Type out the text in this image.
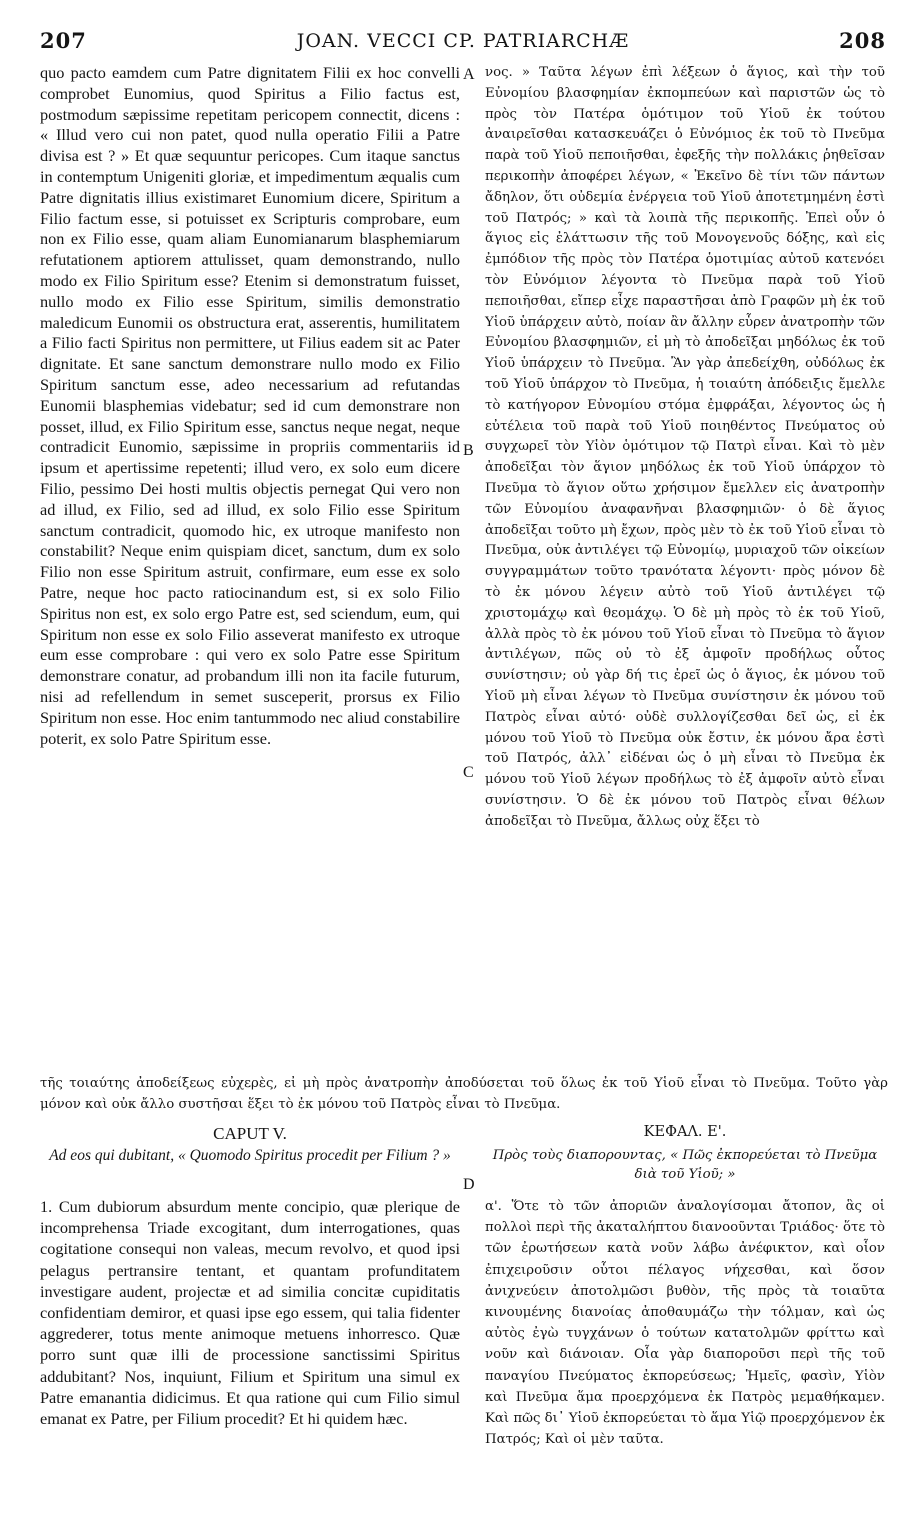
207	JOAN. VECCI CP. PATRIARCHÆ	208

quo pacto eamdem cum Patre dignitatem Filii ex hoc convelli comprobet Eunomius, quod Spiritus a Filio factus est, postmodum sæpissime repetitam pericopem connectit, dicens : « Illud vero cui non patet, quod nulla operatio Filii a Patre divisa est ? » Et quæ sequuntur pericopes. Cum itaque sanctus in contemptum Unigeniti gloriæ, et impedimentum æqualis cum Patre dignitatis illius existimaret Eunomium dicere, Spiritum a Filio factum esse, si potuisset ex Scripturis comprobare, eum non ex Filio esse, quam aliam Eunomianarum blasphemiarum refutationem aptiorem attulisset, quam demonstrando, nullo modo ex Filio Spiritum esse? Etenim si demonstratum fuisset, nullo modo ex Filio esse Spiritum, similis demonstratio maledicum Eunomii os obstructura erat, asserentis, humilitatem a Filio facti Spiritus non permittere, ut Filius eadem sit ac Pater dignitate. Et sane sanctum demonstrare nullo modo ex Filio Spiritum sanctum esse, adeo necessarium ad refutandas Eunomii blasphemias videbatur; sed id cum demonstrare non posset, illud, ex Filio Spiritum esse, sanctus neque negat, neque contradicit Eunomio, sæpissime in propriis commentariis id ipsum et apertissime repetenti; illud vero, ex solo eum dicere Filio, pessimo Dei hosti multis objectis pernegat Qui vero non ad illud, ex Filio, sed ad illud, ex solo Filio esse Spiritum sanctum contradicit, quomodo hic, ex utroque manifesto non constabilit? Neque enim quispiam dicet, sanctum, dum ex solo Filio non esse Spiritum astruit, confirmare, eum esse ex solo Patre, neque hoc pacto ratiocinandum est, si ex solo Filio Spiritus non est, ex solo ergo Patre est, sed sciendum, eum, qui Spiritum non esse ex solo Filio asseverat manifesto ex utroque eum esse comprobare : qui vero ex solo Patre esse Spiritum demonstrare conatur, ad probandum illi non ita facile futurum, nisi ad refellendum in semet susceperit, prorsus ex Filio Spiritum non esse. Hoc enim tantummodo nec aliud constabilire poterit, ex solo Patre Spiritum esse.

A
B
C
D

νος. » Ταῦτα λέγων ἐπὶ λέξεων ὁ ἅγιος, καὶ τὴν τοῦ Εὐνομίου βλασφημίαν ἐκπομπεύων καὶ παριστῶν ὡς τὸ πρὸς τὸν Πατέρα ὁμότιμον τοῦ Υἱοῦ ἐκ τούτου ἀναιρεῖσθαι κατασκευάζει ὁ Εὐνόμιος ἐκ τοῦ τὸ Πνεῦμα παρὰ τοῦ Υἱοῦ πεποιῆσθαι, ἐφεξῆς τὴν πολλάκις ῥηθεῖσαν περικοπὴν ἀποφέρει λέγων, « Ἐκεῖνο δὲ τίνι τῶν πάντων ἄδηλον, ὅτι οὐδεμία ἐνέργεια τοῦ Υἱοῦ ἀποτετμημένη ἐστὶ τοῦ Πατρός; » καὶ τὰ λοιπὰ τῆς περικοπῆς. Ἐπεὶ οὖν ὁ ἅγιος εἰς ἐλάττωσιν τῆς τοῦ Μονογενοῦς δόξης, καὶ εἰς ἐμπόδιον τῆς πρὸς τὸν Πατέρα ὁμοτιμίας αὐτοῦ κατενόει τὸν Εὐνόμιον λέγοντα τὸ Πνεῦμα παρὰ τοῦ Υἱοῦ πεποιῆσθαι, εἴπερ εἶχε παραστῆσαι ἀπὸ Γραφῶν μὴ ἐκ τοῦ Υἱοῦ ὑπάρχειν αὐτὸ, ποίαν ἂν ἄλλην εὗρεν ἀνατροπὴν τῶν Εὐνομίου βλασφημιῶν, εἰ μὴ τὸ ἀποδεῖξαι μηδόλως ἐκ τοῦ Υἱοῦ ὑπάρχειν τὸ Πνεῦμα. Ἂν γὰρ ἀπεδείχθη, οὐδόλως ἐκ τοῦ Υἱοῦ ὑπάρχον τὸ Πνεῦμα, ἡ τοιαύτη ἀπόδειξις ἔμελλε τὸ κατήγορον Εὐνομίου στόμα ἐμφράξαι, λέγοντος ὡς ἡ εὐτέλεια τοῦ παρὰ τοῦ Υἱοῦ ποιηθέντος Πνεύματος οὐ συγχωρεῖ τὸν Υἱὸν ὁμότιμον τῷ Πατρὶ εἶναι. Καὶ τὸ μὲν ἀποδεῖξαι τὸν ἅγιον μηδόλως ἐκ τοῦ Υἱοῦ ὑπάρχον τὸ Πνεῦμα τὸ ἅγιον οὕτω χρήσιμον ἔμελλεν εἰς ἀνατροπὴν τῶν Εὐνομίου ἀναφανῆναι βλασφημιῶν· ὁ δὲ ἅγιος ἀποδεῖξαι τοῦτο μὴ ἔχων, πρὸς μὲν τὸ ἐκ τοῦ Υἱοῦ εἶναι τὸ Πνεῦμα, οὐκ ἀντιλέγει τῷ Εὐνομίῳ, μυριαχοῦ τῶν οἰκείων συγγραμμάτων τοῦτο τρανότατα λέγοντι· πρὸς μόνον δὲ τὸ ἐκ μόνου λέγειν αὐτὸ τοῦ Υἱοῦ ἀντιλέγει τῷ χριστομάχῳ καὶ θεομάχῳ. Ὁ δὲ μὴ πρὸς τὸ ἐκ τοῦ Υἱοῦ, ἀλλὰ πρὸς τὸ ἐκ μόνου τοῦ Υἱοῦ εἶναι τὸ Πνεῦμα τὸ ἅγιον ἀντιλέγων, πῶς οὐ τὸ ἐξ ἀμφοῖν προδήλως οὗτος συνίστησιν; οὐ γὰρ δή τις ἐρεῖ ὡς ὁ ἅγιος, ἐκ μόνου τοῦ Υἱοῦ μὴ εἶναι λέγων τὸ Πνεῦμα συνίστησιν ἐκ μόνου τοῦ Πατρὸς εἶναι αὐτό· οὐδὲ συλλογίζεσθαι δεῖ ὡς, εἰ ἐκ μόνου τοῦ Υἱοῦ τὸ Πνεῦμα οὐκ ἔστιν, ἐκ μόνου ἄρα ἐστὶ τοῦ Πατρός, ἀλλ᾽ εἰδέναι ὡς ὁ μὴ εἶναι τὸ Πνεῦμα ἐκ μόνου τοῦ Υἱοῦ λέγων προδήλως τὸ ἐξ ἀμφοῖν αὐτὸ εἶναι συνίστησιν. Ὁ δὲ ἐκ μόνου τοῦ Πατρὸς εἶναι θέλων ἀποδεῖξαι τὸ Πνεῦμα, ἄλλως οὐχ ἕξει τὸ

τῆς τοιαύτης ἀποδείξεως εὐχερὲς, εἰ μὴ πρὸς ἀνατροπὴν ἀποδύσεται τοῦ ὅλως ἐκ τοῦ Υἱοῦ εἶναι τὸ Πνεῦμα. Τοῦτο γὰρ μόνον καὶ οὐκ ἄλλο συστῆσαι ἕξει τὸ ἐκ μόνου τοῦ Πατρὸς εἶναι τὸ Πνεῦμα.
CAPUT V.
Ad eos qui dubitant, « Quomodo Spiritus procedit per Filium ? »

1. Cum dubiorum absurdum mente concipio, quæ plerique de incomprehensa Triade excogitant, dum interrogationes, quas cogitatione consequi non valeas, mecum revolvo, et quod ipsi pelagus pertransire tentant, et quantam profunditatem investigare audent, projectæ et ad similia concitæ cupiditatis confidentiam demiror, et quasi ipse ego essem, qui talia fidenter aggrederer, totus mente animoque metuens inhorresco. Quæ porro sunt quæ illi de processione sanctissimi Spiritus addubitant? Nos, inquiunt, Filium et Spiritum una simul ex Patre emanantia didicimus. Et qua ratione qui cum Filio simul emanat ex Patre, per Filium procedit? Et hi quidem hæc.

ΚΕΦΑΛ. Ε'.
Πρὸς τοὺς διαπορουντας, « Πῶς ἐκπορεύεται τὸ Πνεῦμα διὰ τοῦ Υἱοῦ; »

α'. Ὅτε τὸ τῶν ἀποριῶν ἀναλογίσομαι ἄτοπον, ἃς οἱ πολλοὶ περὶ τῆς ἀκαταλήπτου διανοοῦνται Τριάδος· ὅτε τὸ τῶν ἐρωτήσεων κατὰ νοῦν λάβω ἀνέφικτον, καὶ οἷον ἐπιχειροῦσιν οὗτοι πέλαγος νήχεσθαι, καὶ ὅσον ἀνιχνεύειν ἀποτολμῶσι βυθὸν, τῆς πρὸς τὰ τοιαῦτα κινουμένης διανοίας ἀποθαυμάζω τὴν τόλμαν, καὶ ὡς αὐτὸς ἐγὼ τυγχάνων ὁ τούτων κατατολμῶν φρίττω καὶ νοῦν καὶ διάνοιαν. Οἷα γὰρ διαποροῦσι περὶ τῆς τοῦ παναγίου Πνεύματος ἐκπορεύσεως; Ἡμεῖς, φασὶν, Υἱὸν καὶ Πνεῦμα ἅμα προερχόμενα ἐκ Πατρὸς μεμαθήκαμεν. Καὶ πῶς δι᾽ Υἱοῦ ἐκπορεύεται τὸ ἅμα Υἱῷ προερχόμενον ἐκ Πατρός; Καὶ οἱ μὲν ταῦτα.
